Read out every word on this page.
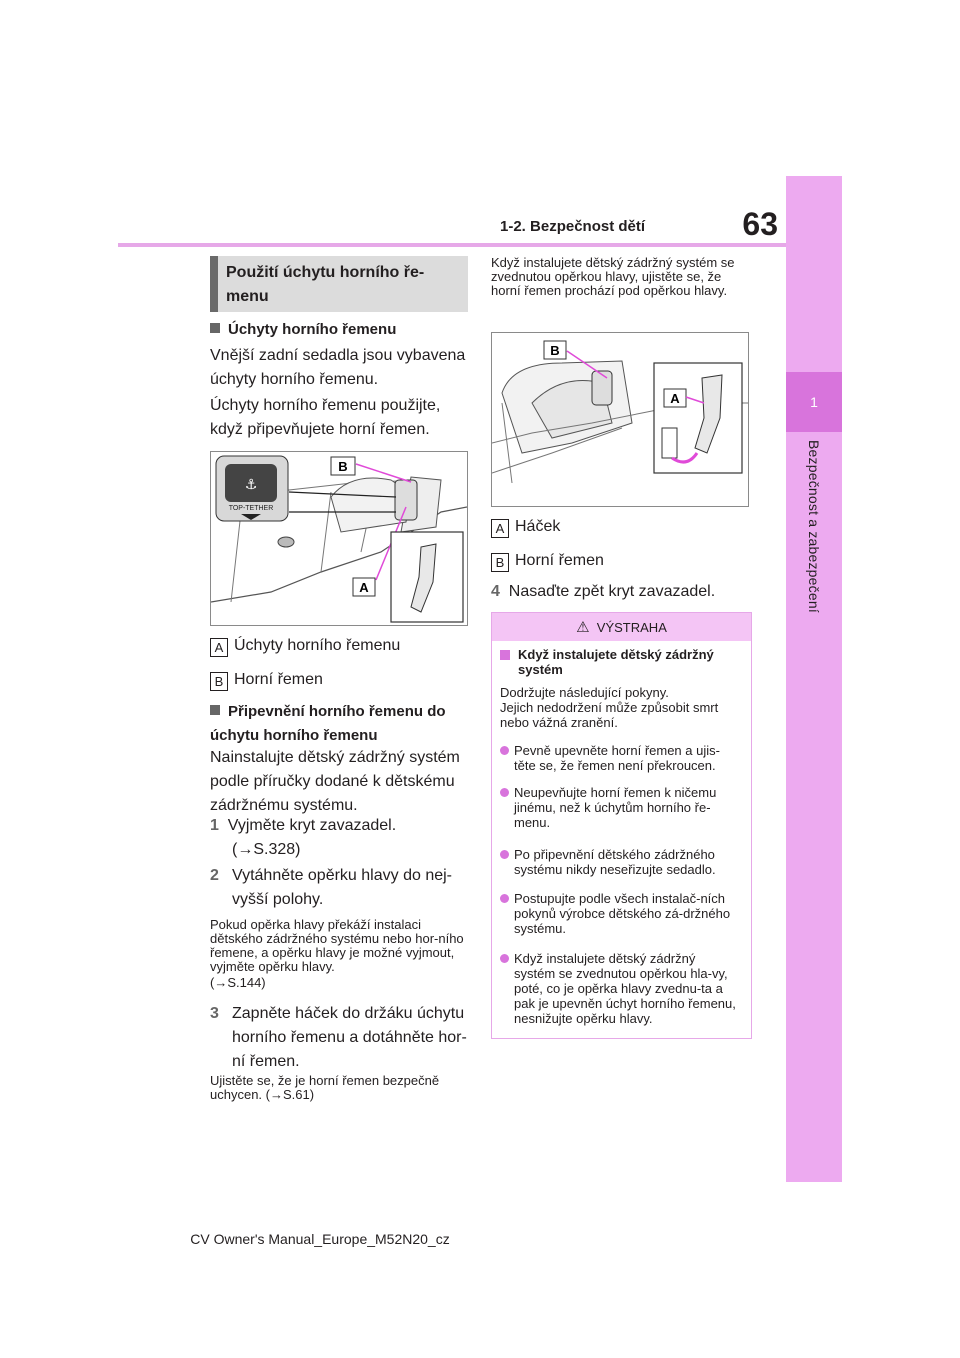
63
1-2. Bezpečnost dětí
1
Bezpečnost a zabezpečení
Použití úchytu horního ře-
menu
Úchyty horního řemenu
Vnější zadní sedadla jsou vybavena úchyty horního řemenu.
Úchyty horního řemenu použijte, když připevňujete horní řemen.
⚓
TOP-TETHER
B
A
A Úchyty horního řemenu
B Horní řemen
Připevnění horního řemenu do úchytu horního řemenu
Nainstalujte dětský zádržný systém podle příručky dodané k dětskému zádržnému systému.
1 Vyjměte kryt zavazadel.
(→S.328)
2 Vytáhněte opěrku hlavy do nej-vyšší polohy.
Pokud opěrka hlavy překáží instalaci dětského zádržného systému nebo hor-ního řemene, a opěrku hlavy je možné vyjmout, vyjměte opěrku hlavy.
(→S.144)
3 Zapněte háček do držáku úchytu horního řemenu a dotáhněte hor-ní řemen.
Ujistěte se, že je horní řemen bezpečně uchycen. (→S.61)
Když instalujete dětský zádržný systém se zvednutou opěrkou hlavy, ujistěte se, že horní řemen prochází pod opěrkou hlavy.
B
A
A Háček
B Horní řemen
4 Nasaďte zpět kryt zavazadel.
⚠ VÝSTRAHA
Když instalujete dětský zádržný systém
Dodržujte následující pokyny.
Jejich nedodržení může způsobit smrt nebo vážná zranění.
Pevně upevněte horní řemen a ujis-těte se, že řemen není překroucen.
Neupevňujte horní řemen k ničemu jinému, než k úchytům horního ře-menu.
Po připevnění dětského zádržného systému nikdy neseřizujte sedadlo.
Postupujte podle všech instalač-ních pokynů výrobce dětského zá-držného systému.
Když instalujete dětský zádržný systém se zvednutou opěrkou hla-vy, poté, co je opěrka hlavy zvednu-ta a pak je upevněn úchyt horního řemenu, nesnižujte opěrku hlavy.
CV Owner's Manual_Europe_M52N20_cz
